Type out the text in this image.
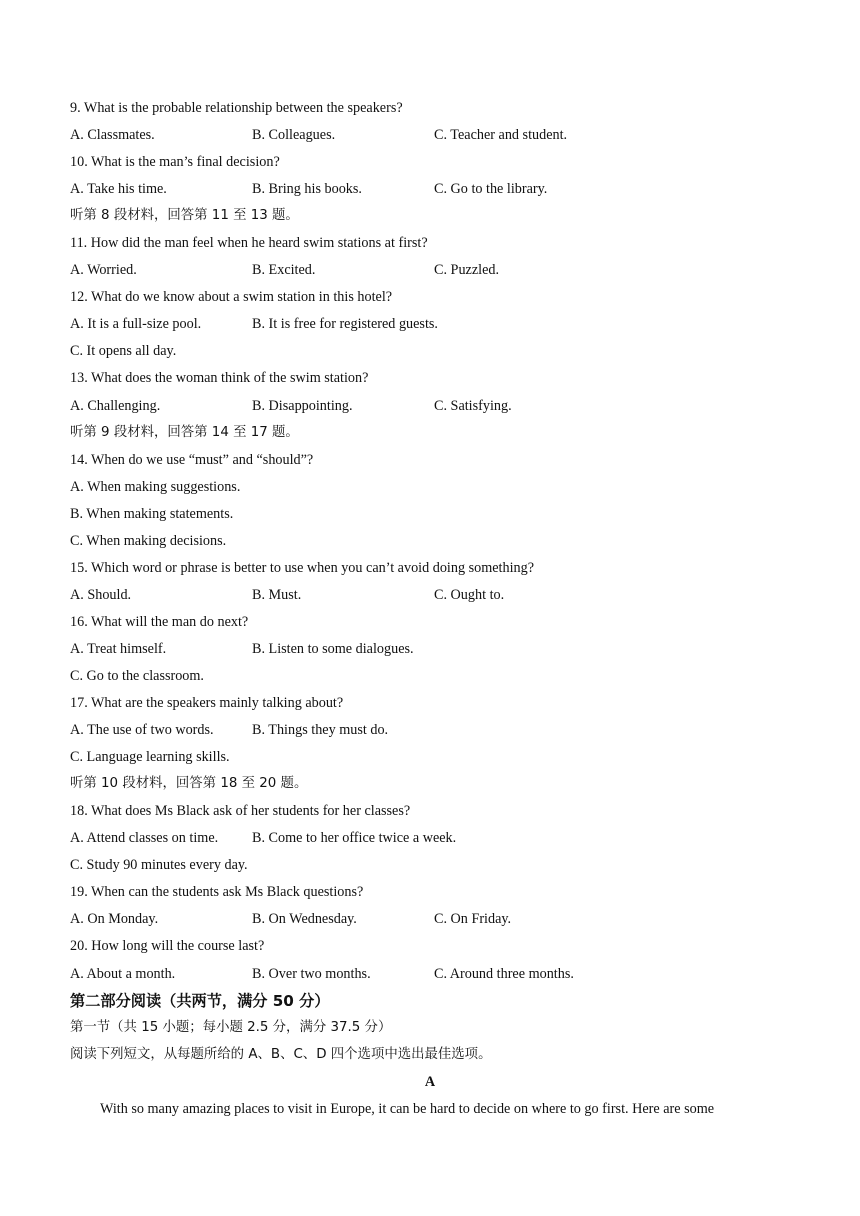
9. What is the probable relationship between the speakers?
A. Classmates.	B. Colleagues.	C. Teacher and student.
10. What is the man’s final decision?
A. Take his time.	B. Bring his books.	C. Go to the library.
听第 8 段材料，回答第 11 至 13 题。
11. How did the man feel when he heard swim stations at first?
A. Worried.	B. Excited.	C. Puzzled.
12. What do we know about a swim station in this hotel?
A. It is a full-size pool.	B. It is free for registered guests.
C. It opens all day.
13. What does the woman think of the swim station?
A. Challenging.	B. Disappointing.	C. Satisfying.
听第 9 段材料，回答第 14 至 17 题。
14. When do we use “must” and “should”?
A. When making suggestions.
B. When making statements.
C. When making decisions.
15. Which word or phrase is better to use when you can’t avoid doing something?
A. Should.	B. Must.	C. Ought to.
16. What will the man do next?
A. Treat himself.	B. Listen to some dialogues.
C. Go to the classroom.
17. What are the speakers mainly talking about?
A. The use of two words.	B. Things they must do.
C. Language learning skills.
听第 10 段材料，回答第 18 至 20 题。
18. What does Ms Black ask of her students for her classes?
A. Attend classes on time. B. Come to her office twice a week.
C. Study 90 minutes every day.
19. When can the students ask Ms Black questions?
A. On Monday.	B. On Wednesday.	C. On Friday.
20. How long will the course last?
A. About a month.	B. Over two months.	C. Around three months.
第二部分阅读（共两节，满分 50 分）
第一节（共 15 小题；每小题 2.5 分，满分 37.5 分）
阅读下列短文，从每题所给的 A、B、C、D 四个选项中选出最佳选项。
A
With so many amazing places to visit in Europe, it can be hard to decide on where to go first. Here are some
